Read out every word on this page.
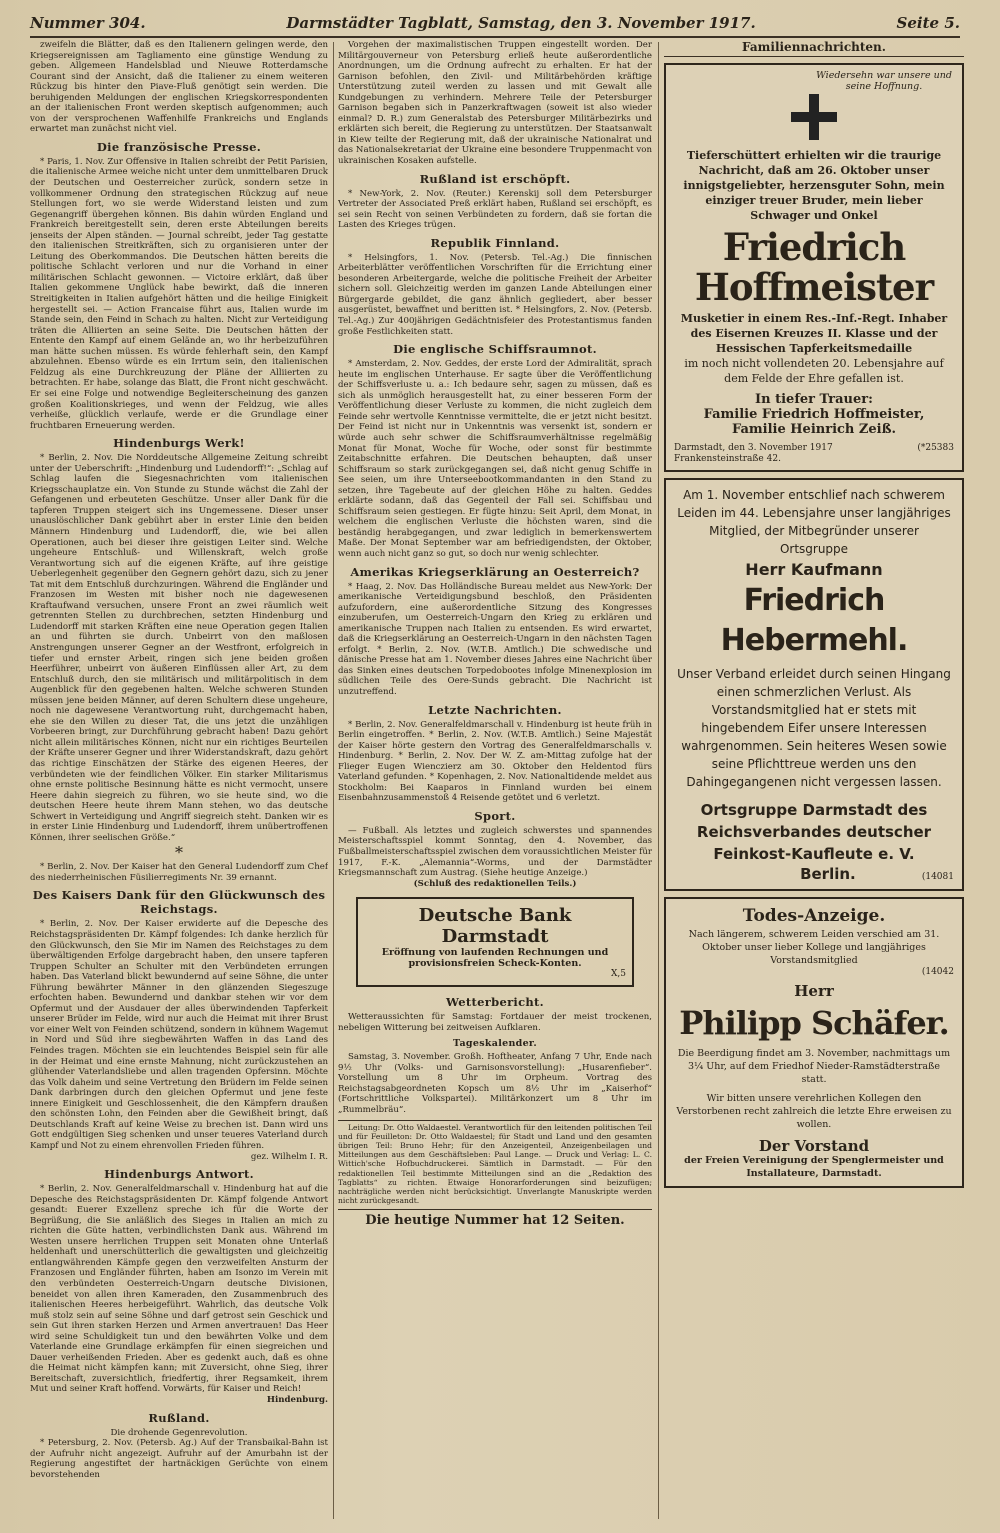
Nummer 304.	Darmstädter Tagblatt, Samstag, den 3. November 1917.	Seite 5.

zweifeln die Blätter, daß es den Italienern gelingen werde, den Kriegsereignissen am Tagliamento eine günstige Wendung zu geben. Allgemeen Handelsblad und Nieuwe Rotterdamsche Courant sind der Ansicht, daß die Italiener zu einem weiteren Rückzug bis hinter den Piave-Fluß genötigt sein werden. Die beruhigenden Meldungen der englischen Kriegskorrespondenten an der italienischen Front werden skeptisch aufgenommen; auch von der versprochenen Waffenhilfe Frankreichs und Englands erwartet man zunächst nicht viel.

Die französische Presse.

* Paris, 1. Nov. Zur Offensive in Italien schreibt der Petit Parisien, die italienische Armee weiche nicht unter dem unmittelbaren Druck der Deutschen und Oesterreicher zurück, sondern setze in vollkommener Ordnung den strategischen Rückzug auf neue Stellungen fort, wo sie werde Widerstand leisten und zum Gegenangriff übergehen können. Bis dahin würden England und Frankreich bereitgestellt sein, deren erste Abteilungen bereits jenseits der Alpen ständen. — Journal schreibt, jeder Tag gestatte den italienischen Streitkräften, sich zu organisieren unter der Leitung des Oberkommandos. Die Deutschen hätten bereits die politische Schlacht verloren und nur die Vorhand in einer militärischen Schlacht gewonnen. — Victoire erklärt, daß über Italien gekommene Unglück habe bewirkt, daß die inneren Streitigkeiten in Italien aufgehört hätten und die heilige Einigkeit hergestellt sei. — Action Francaise führt aus, Italien wurde im Stande sein, den Feind in Schach zu halten. Nicht zur Verteidigung träten die Alliierten an seine Seite. Die Deutschen hätten der Entente den Kampf auf einem Gelände an, wo ihr herbeizuführen man hätte suchen müssen. Es würde fehlerhaft sein, den Kampf abzulehnen. Ebenso würde es ein Irrtum sein, den italienischen Feldzug als eine Durchkreuzung der Pläne der Alliierten zu betrachten. Er habe, solange das Blatt, die Front nicht geschwächt. Er sei eine Folge und notwendige Begleiterscheinung des ganzen großen Koalitionskrieges, und wenn der Feldzug, wie alles verheiße, glücklich verlaufe, werde er die Grundlage einer fruchtbaren Erneuerung werden.

Hindenburgs Werk!

* Berlin, 2. Nov. Die Norddeutsche Allgemeine Zeitung schreibt unter der Ueberschrift: „Hindenburg und Ludendorff!“: „Schlag auf Schlag laufen die Siegesnachrichten vom italienischen Kriegsschauplatze ein. Von Stunde zu Stunde wächst die Zahl der Gefangenen und erbeuteten Geschütze. Unser aller Dank für die tapferen Truppen steigert sich ins Ungemessene. Dieser unser unauslöschlicher Dank gebührt aber in erster Linie den beiden Männern Hindenburg und Ludendorff, die, wie bei allen Operationen, auch bei dieser ihre geistigen Leiter sind. Welche ungeheure Entschluß- und Willenskraft, welch große Verantwortung sich auf die eigenen Kräfte, auf ihre geistige Ueberlegenheit gegenüber den Gegnern gehört dazu, sich zu jener Tat mit dem Entschluß durchzuringen. Während die Engländer und Franzosen im Westen mit bisher noch nie dagewesenen Kraftaufwand versuchen, unsere Front an zwei räumlich weit getrennten Stellen zu durchbrechen, setzten Hindenburg und Ludendorff mit starken Kräften eine neue Operation gegen Italien an und führten sie durch. Unbeirrt von den maßlosen Anstrengungen unserer Gegner an der Westfront, erfolgreich in tiefer und ernster Arbeit, ringen sich jene beiden großen Heerführer, unbeirrt von äußeren Einflüssen aller Art, zu dem Entschluß durch, den sie militärisch und militärpolitisch in dem Augenblick für den gegebenen halten. Welche schweren Stunden müssen jene beiden Männer, auf deren Schultern diese ungeheure, noch nie dagewesene Verantwortung ruht, durchgemacht haben, ehe sie den Willen zu dieser Tat, die uns jetzt die unzähligen Vorbeeren bringt, zur Durchführung gebracht haben! Dazu gehört nicht allein militärisches Können, nicht nur ein richtiges Beurteilen der Kräfte unserer Gegner und ihrer Widerstandskraft, dazu gehört das richtige Einschätzen der Stärke des eigenen Heeres, der verbündeten wie der feindlichen Völker. Ein starker Militarismus ohne ernste politische Besinnung hätte es nicht vermocht, unsere Heere dahin siegreich zu führen, wo sie heute sind, wo die deutschen Heere heute ihrem Mann stehen, wo das deutsche Schwert in Verteidigung und Angriff siegreich steht. Danken wir es in erster Linie Hindenburg und Ludendorff, ihrem unübertroffenen Können, ihrer seelischen Größe.“

*

* Berlin, 2. Nov. Der Kaiser hat den General Ludendorff zum Chef des niederrheinischen Füsilierregiments Nr. 39 ernannt.

Des Kaisers Dank für den Glückwunsch des Reichstags.

* Berlin, 2. Nov. Der Kaiser erwiderte auf die Depesche des Reichstagspräsidenten Dr. Kämpf folgendes: Ich danke herzlich für den Glückwunsch, den Sie Mir im Namen des Reichstages zu dem überwältigenden Erfolge dargebracht haben, den unsere tapferen Truppen Schulter an Schulter mit den Verbündeten errungen haben. Das Vaterland blickt bewundernd auf seine Söhne, die unter Führung bewährter Männer in den glänzenden Siegeszuge erfochten haben. Bewundernd und dankbar stehen wir vor dem Opfermut und der Ausdauer der alles überwindenden Tapferkeit unserer Brüder im Felde, wird nur auch die Heimat mit ihrer Brust vor einer Welt von Feinden schützend, sondern in kühnem Wagemut in Nord und Süd ihre siegbewährten Waffen in das Land des Feindes tragen. Möchten sie ein leuchtendes Beispiel sein für alle in der Heimat und eine ernste Mahnung, nicht zurückzustehen an glühender Vaterlandsliebe und allen tragenden Opfersinn. Möchte das Volk daheim und seine Vertretung den Brüdern im Felde seinen Dank darbringen durch den gleichen Opfermut und jene feste innere Einigkeit und Geschlossenheit, die den Kämpfern draußen den schönsten Lohn, den Feinden aber die Gewißheit bringt, daß Deutschlands Kraft auf keine Weise zu brechen ist. Dann wird uns Gott endgültigen Sieg schenken und unser teueres Vaterland durch Kampf und Not zu einem ehrenvollen Frieden führen.

gez. Wilhelm I. R.
Hindenburgs Antwort.

* Berlin, 2. Nov. Generalfeldmarschall v. Hindenburg hat auf die Depesche des Reichstagspräsidenten Dr. Kämpf folgende Antwort gesandt: Euerer Exzellenz spreche ich für die Worte der Begrüßung, die Sie anläßlich des Sieges in Italien an mich zu richten die Güte hatten, verbindlichsten Dank aus. Während im Westen unsere herrlichen Truppen seit Monaten ohne Unterlaß heldenhaft und unerschütterlich die gewaltigsten und gleichzeitig entlangwährenden Kämpfe gegen den verzweifelten Ansturm der Franzosen und Engländer führten, haben am Isonzo im Verein mit den verbündeten Oesterreich-Ungarn deutsche Divisionen, beneidet von allen ihren Kameraden, den Zusammenbruch des italienischen Heeres herbeigeführt. Wahrlich, das deutsche Volk muß stolz sein auf seine Söhne und darf getrost sein Geschick und sein Gut ihren starken Herzen und Armen anvertrauen! Das Heer wird seine Schuldigkeit tun und den bewährten Volke und dem Vaterlande eine Grundlage erkämpfen für einen siegreichen und Dauer verheißenden Frieden. Aber es gedenkt auch, daß es ohne die Heimat nicht kämpfen kann; mit Zuversicht, ohne Sieg, ihrer Bereitschaft, zuversichtlich, friedfertig, ihrer Regsamkeit, ihrem Mut und seiner Kraft hoffend. Vorwärts, für Kaiser und Reich!

Hindenburg.
Rußland.
Die drohende Gegenrevolution.

* Petersburg, 2. Nov. (Petersb. Ag.) Auf der Transbaikal-Bahn ist der Aufruhr nicht angezeigt. Aufruhr auf der Amurbahn ist der Regierung angestiftet der hartnäckigen Gerüchte von einem bevorstehenden

Vorgehen der maximalistischen Truppen eingestellt worden. Der Militärgouverneur von Petersburg erließ heute außerordentliche Anordnungen, um die Ordnung aufrecht zu erhalten. Er hat der Garnison befohlen, den Zivil- und Militärbehörden kräftige Unterstützung zuteil werden zu lassen und mit Gewalt alle Kundgebungen zu verhindern. Mehrere Teile der Petersburger Garnison begaben sich in Panzerkraftwagen (soweit ist also wieder einmal? D. R.) zum Generalstab des Petersburger Militärbezirks und erklärten sich bereit, die Regierung zu unterstützen. Der Staatsanwalt in Kiew teilte der Regierung mit, daß der ukrainische Nationalrat und das Nationalsekretariat der Ukraine eine besondere Truppenmacht von ukrainischen Kosaken aufstelle.

Rußland ist erschöpft.

* New-York, 2. Nov. (Reuter.) Kerenskij soll dem Petersburger Vertreter der Associated Preß erklärt haben, Rußland sei erschöpft, es sei sein Recht von seinen Verbündeten zu fordern, daß sie fortan die Lasten des Krieges trügen.

Republik Finnland.

* Helsingfors, 1. Nov. (Petersb. Tel.-Ag.) Die finnischen Arbeiterblätter veröffentlichen Vorschriften für die Errichtung einer besonderen Arbeitergarde, welche die politische Freiheit der Arbeiter sichern soll. Gleichzeitig werden im ganzen Lande Abteilungen einer Bürgergarde gebildet, die ganz ähnlich gegliedert, aber besser ausgerüstet, bewaffnet und beritten ist. * Helsingfors, 2. Nov. (Petersb. Tel.-Ag.) Zur 400jährigen Gedächtnisfeier des Protestantismus fanden große Festlichkeiten statt.

Die englische Schiffsraumnot.

* Amsterdam, 2. Nov. Geddes, der erste Lord der Admiralität, sprach heute im englischen Unterhause. Er sagte über die Veröffentlichung der Schiffsverluste u. a.: Ich bedaure sehr, sagen zu müssen, daß es sich als unmöglich herausgestellt hat, zu einer besseren Form der Veröffentlichung dieser Verluste zu kommen, die nicht zugleich dem Feinde sehr wertvolle Kenntnisse vermittelte, die er jetzt nicht besitzt. Der Feind ist nicht nur in Unkenntnis was versenkt ist, sondern er würde auch sehr schwer die Schiffsraumverhältnisse regelmäßig Monat für Monat, Woche für Woche, oder sonst für bestimmte Zeitabschnitte erfahren. Die Deutschen behaupten, daß unser Schiffsraum so stark zurückgegangen sei, daß nicht genug Schiffe in See seien, um ihre Unterseebootkommandanten in den Stand zu setzen, ihre Tagebeute auf der gleichen Höhe zu halten. Geddes erklärte sodann, daß das Gegenteil der Fall sei. Schiffsbau und Schiffsraum seien gestiegen. Er fügte hinzu: Seit April, dem Monat, in welchem die englischen Verluste die höchsten waren, sind die beständig herabgegangen, und zwar lediglich in bemerkenswertem Maße. Der Monat September war am befriedigendsten, der Oktober, wenn auch nicht ganz so gut, so doch nur wenig schlechter.

Amerikas Kriegserklärung an Oesterreich?

* Haag, 2. Nov. Das Holländische Bureau meldet aus New-York: Der amerikanische Verteidigungsbund beschloß, den Präsidenten aufzufordern, eine außerordentliche Sitzung des Kongresses einzuberufen, um Oesterreich-Ungarn den Krieg zu erklären und amerikanische Truppen nach Italien zu entsenden. Es wird erwartet, daß die Kriegserklärung an Oesterreich-Ungarn in den nächsten Tagen erfolgt. * Berlin, 2. Nov. (W.T.B. Amtlich.) Die schwedische und dänische Presse hat am 1. November dieses Jahres eine Nachricht über das Sinken eines deutschen Torpedobootes infolge Minenexplosion im südlichen Teile des Oere-Sunds gebracht. Die Nachricht ist unzutreffend.

Letzte Nachrichten.

* Berlin, 2. Nov. Generalfeldmarschall v. Hindenburg ist heute früh in Berlin eingetroffen. * Berlin, 2. Nov. (W.T.B. Amtlich.) Seine Majestät der Kaiser hörte gestern den Vortrag des Generalfeldmarschalls v. Hindenburg. * Berlin, 2. Nov. Der W. Z. am-Mittag zufolge hat der Flieger Eugen Wienczierz am 30. Oktober den Heldentod fürs Vaterland gefunden. * Kopenhagen, 2. Nov. Nationaltidende meldet aus Stockholm: Bei Kaaparos in Finnland wurden bei einem Eisenbahnzusammenstoß 4 Reisende getötet und 6 verletzt.

Sport.

— Fußball. Als letztes und zugleich schwerstes und spannendes Meisterschaftsspiel kommt Sonntag, den 4. November, das Fußballmeisterschaftsspiel zwischen dem voraussichtlichen Meister für 1917, F.-K. „Alemannia“-Worms, und der Darmstädter Kriegsmannschaft zum Austrag. (Siehe heutige Anzeige.)

(Schluß des redaktionellen Teils.)
Deutsche Bank Darmstadt
Eröffnung von laufenden Rechnungen und provisionsfreien Scheck-Konten.
X,5
Wetterbericht.

Wetteraussichten für Samstag: Fortdauer der meist trockenen, nebeligen Witterung bei zeitweisen Aufklaren.

Tageskalender.

Samstag, 3. November. Großh. Hoftheater, Anfang 7 Uhr, Ende nach 9½ Uhr (Volks- und Garnisonsvorstellung): „Husarenfieber“. Vorstellung um 8 Uhr im Orpheum. Vortrag des Reichstagsabgeordneten Kopsch um 8½ Uhr im „Kaiserhof“ (Fortschrittliche Volkspartei). Militärkonzert um 8 Uhr im „Rummelbräu“.

Leitung: Dr. Otto Waldaestel. Verantwortlich für den leitenden politischen Teil und für Feuilleton: Dr. Otto Waldaestel; für Stadt und Land und den gesamten übrigen Teil: Bruno Hehr; für den Anzeigenteil, Anzeigenbeilagen und Mitteilungen aus dem Geschäftsleben: Paul Lange. — Druck und Verlag: L. C. Wittich'sche Hofbuchdruckerei. Sämtlich in Darmstadt. — Für den redaktionellen Teil bestimmte Mitteilungen sind an die „Redaktion des Tagblatts“ zu richten. Etwaige Honorarforderungen sind beizufügen; nachträgliche werden nicht berücksichtigt. Unverlangte Manuskripte werden nicht zurückgesandt.

Die heutige Nummer hat 12 Seiten.
Familiennachrichten.
Wiedersehn war unsere und seine Hoffnung.
Tieferschüttert erhielten wir die traurige Nachricht, daß am 26. Oktober unser innigstgeliebter, herzensguter Sohn, mein einziger treuer Bruder, mein lieber Schwager und Onkel
Friedrich Hoffmeister
Musketier in einem Res.-Inf.-Regt. Inhaber des Eisernen Kreuzes II. Klasse und der Hessischen Tapferkeitsmedaille
im noch nicht vollendeten 20. Lebensjahre auf dem Felde der Ehre gefallen ist.
In tiefer Trauer:
Familie Friedrich Hoffmeister,
Familie Heinrich Zeiß.
Darmstadt, den 3. November 1917 Frankensteinstraße 42.
(*25383
Am 1. November entschlief nach schwerem Leiden im 44. Lebensjahre unser langjähriges Mitglied, der Mitbegründer unserer Ortsgruppe
Herr Kaufmann
Friedrich Hebermehl.
Unser Verband erleidet durch seinen Hingang einen schmerzlichen Verlust. Als Vorstandsmitglied hat er stets mit hingebendem Eifer unsere Interessen wahrgenommen. Sein heiteres Wesen sowie seine Pflichttreue werden uns den Dahingegangenen nicht vergessen lassen.
Ortsgruppe Darmstadt des Reichsverbandes deutscher Feinkost-Kaufleute e. V.
Berlin.	(14081
Todes-Anzeige.
Nach längerem, schwerem Leiden verschied am 31. Oktober unser lieber Kollege und langjähriges Vorstandsmitglied
(14042
Herr
Philipp Schäfer.
Die Beerdigung findet am 3. November, nachmittags um 3¼ Uhr, auf dem Friedhof Nieder-Ramstädterstraße statt.
Wir bitten unsere verehrlichen Kollegen den Verstorbenen recht zahlreich die letzte Ehre erweisen zu wollen.
Der Vorstand
der Freien Vereinigung der Spenglermeister und Installateure, Darmstadt.
